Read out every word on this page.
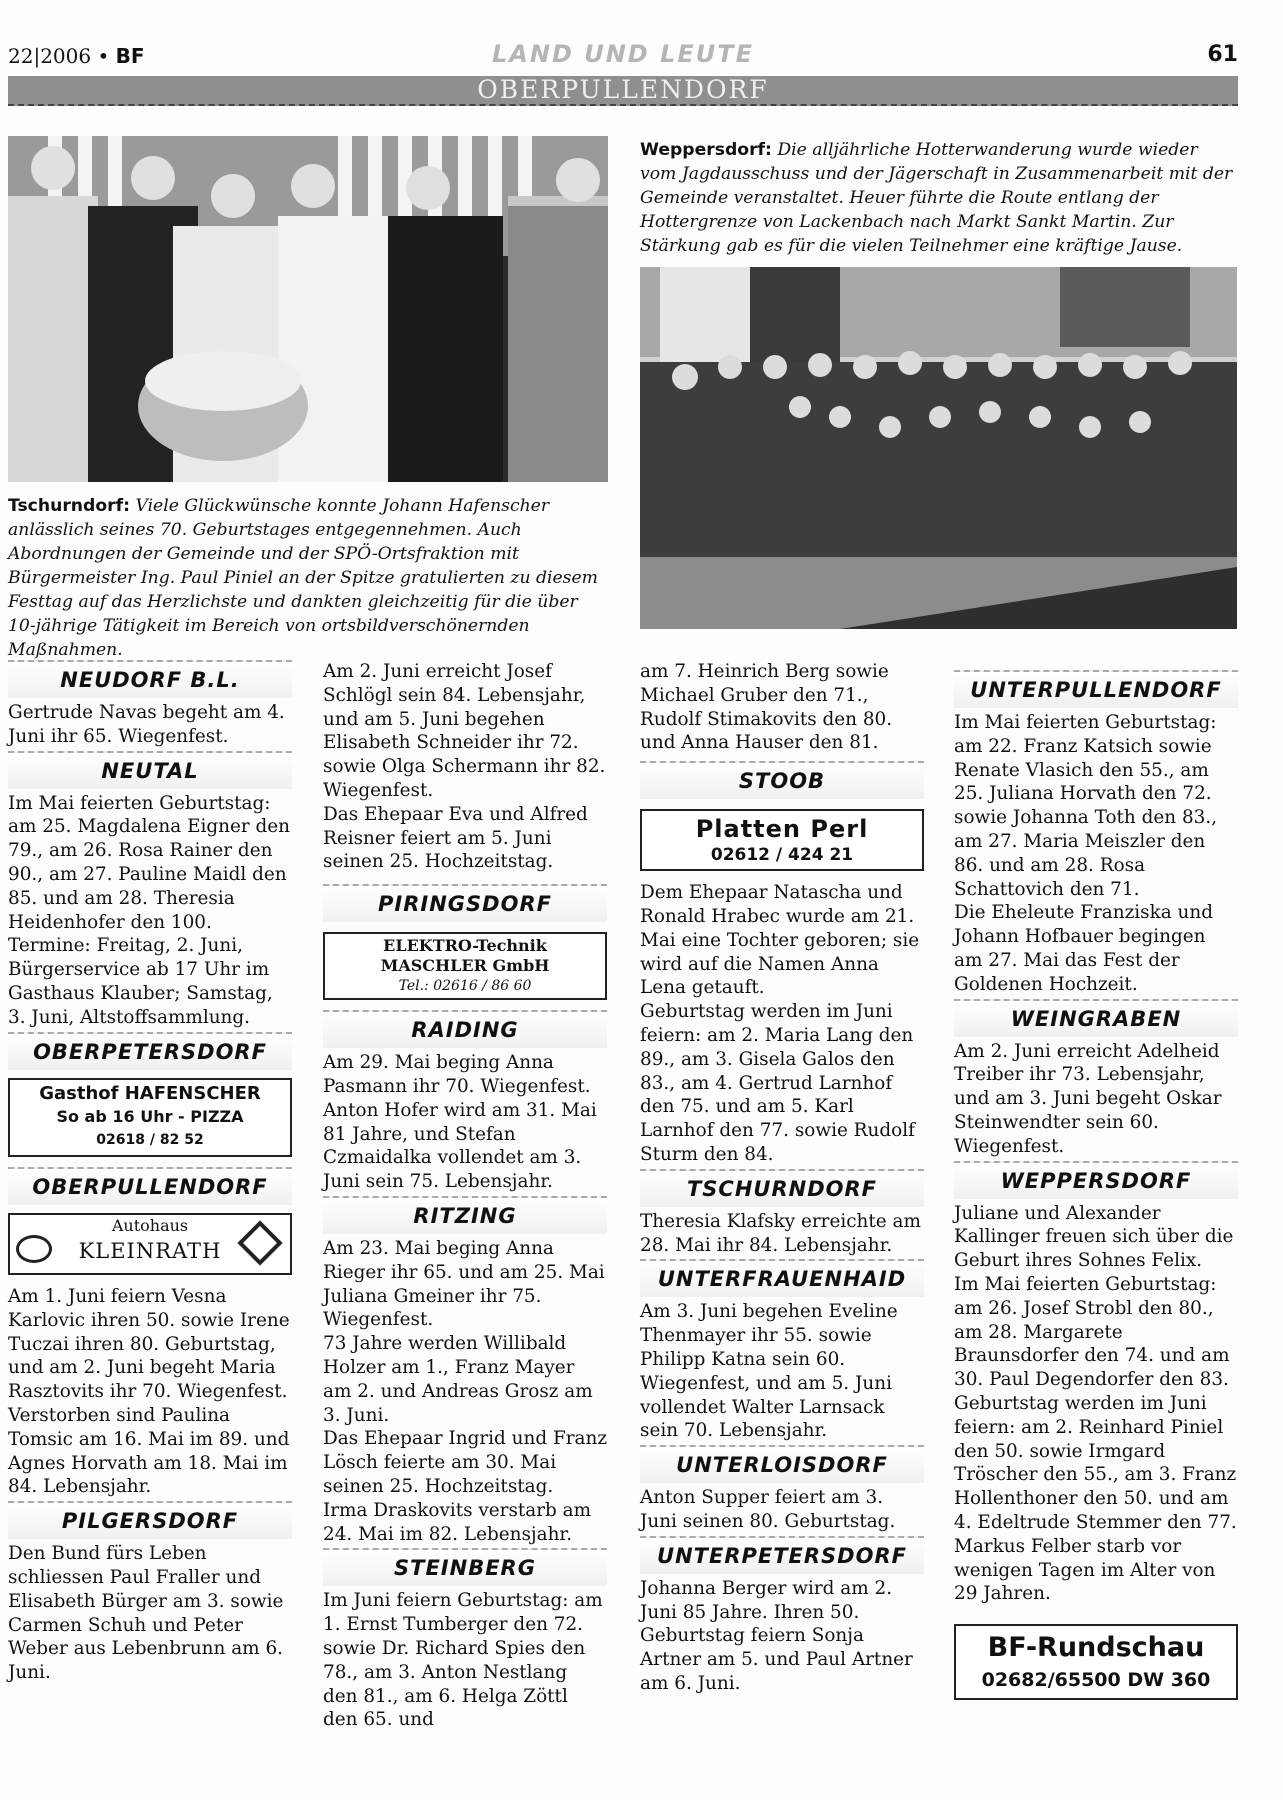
22|2006 • BF	LAND UND LEUTE	61
OBERPULLENDORF
Tschurndorf: Viele Glückwünsche konnte Johann Hafenscher anlässlich seines 70. Geburtstages entgegennehmen. Auch Abordnungen der Gemeinde und der SPÖ-Ortsfraktion mit Bürgermeister Ing. Paul Piniel an der Spitze gratulierten zu diesem Festtag auf das Herzlichste und dankten gleichzeitig für die über 10-jährige Tätigkeit im Bereich von ortsbildverschönernden Maßnahmen.
Weppersdorf: Die alljährliche Hotterwanderung wurde wieder vom Jagdausschuss und der Jägerschaft in Zusammenarbeit mit der Gemeinde veranstaltet. Heuer führte die Route entlang der Hottergrenze von Lackenbach nach Markt Sankt Martin. Zur Stärkung gab es für die vielen Teilnehmer eine kräftige Jause.
NEUDORF B.L.

Gertrude Navas begeht am 4. Juni ihr 65. Wiegenfest.

NEUTAL

Im Mai feierten Geburtstag: am 25. Magdalena Eigner den 79., am 26. Rosa Rainer den 90., am 27. Pauline Maidl den 85. und am 28. Theresia Heidenhofer den 100.

Termine: Freitag, 2. Juni, Bürgerservice ab 17 Uhr im Gasthaus Klauber; Samstag, 3. Juni, Altstoffsammlung.

OBERPETERSDORF
Gasthof HAFENSCHER
So ab 16 Uhr - PIZZA
02618 / 82 52
OBERPULLENDORF
Autohaus
KLEINRATH

Am 1. Juni feiern Vesna Karlovic ihren 50. sowie Irene Tuczai ihren 80. Geburtstag, und am 2. Juni begeht Maria Rasztovits ihr 70. Wiegenfest.

Verstorben sind Paulina Tomsic am 16. Mai im 89. und Agnes Horvath am 18. Mai im 84. Lebensjahr.

PILGERSDORF

Den Bund fürs Leben schliessen Paul Fraller und Elisabeth Bürger am 3. sowie Carmen Schuh und Peter Weber aus Lebenbrunn am 6. Juni.

Am 2. Juni erreicht Josef Schlögl sein 84. Lebensjahr, und am 5. Juni begehen Elisabeth Schneider ihr 72. sowie Olga Schermann ihr 82. Wiegenfest.

Das Ehepaar Eva und Alfred Reisner feiert am 5. Juni seinen 25. Hochzeitstag.

PIRINGSDORF
ELEKTRO-Technik
MASCHLER GmbH
Tel.: 02616 / 86 60
RAIDING

Am 29. Mai beging Anna Pasmann ihr 70. Wiegenfest. Anton Hofer wird am 31. Mai 81 Jahre, und Stefan Czmaidalka vollendet am 3. Juni sein 75. Lebensjahr.

RITZING

Am 23. Mai beging Anna Rieger ihr 65. und am 25. Mai Juliana Gmeiner ihr 75. Wiegenfest.

73 Jahre werden Willibald Holzer am 1., Franz Mayer am 2. und Andreas Grosz am 3. Juni.

Das Ehepaar Ingrid und Franz Lösch feierte am 30. Mai seinen 25. Hochzeitstag.

Irma Draskovits verstarb am 24. Mai im 82. Lebensjahr.

STEINBERG

Im Juni feiern Geburtstag: am 1. Ernst Tumberger den 72. sowie Dr. Richard Spies den 78., am 3. Anton Nestlang den 81., am 6. Helga Zöttl den 65. und

am 7. Heinrich Berg sowie Michael Gruber den 71., Rudolf Stimakovits den 80. und Anna Hauser den 81.

STOOB
Platten Perl
02612 / 424 21

Dem Ehepaar Natascha und Ronald Hrabec wurde am 21. Mai eine Tochter geboren; sie wird auf die Namen Anna Lena getauft.

Geburtstag werden im Juni feiern: am 2. Maria Lang den 89., am 3. Gisela Galos den 83., am 4. Gertrud Larnhof den 75. und am 5. Karl Larnhof den 77. sowie Rudolf Sturm den 84.

TSCHURNDORF

Theresia Klafsky erreichte am 28. Mai ihr 84. Lebensjahr.

UNTERFRAUENHAID

Am 3. Juni begehen Eveline Thenmayer ihr 55. sowie Philipp Katna sein 60. Wiegenfest, und am 5. Juni vollendet Walter Larnsack sein 70. Lebensjahr.

UNTERLOISDORF

Anton Supper feiert am 3. Juni seinen 80. Geburtstag.

UNTERPETERSDORF

Johanna Berger wird am 2. Juni 85 Jahre. Ihren 50. Geburtstag feiern Sonja Artner am 5. und Paul Artner am 6. Juni.

UNTERPULLENDORF

Im Mai feierten Geburtstag: am 22. Franz Katsich sowie Renate Vlasich den 55., am 25. Juliana Horvath den 72. sowie Johanna Toth den 83., am 27. Maria Meiszler den 86. und am 28. Rosa Schattovich den 71.

Die Eheleute Franziska und Johann Hofbauer begingen am 27. Mai das Fest der Goldenen Hochzeit.

WEINGRABEN

Am 2. Juni erreicht Adelheid Treiber ihr 73. Lebensjahr, und am 3. Juni begeht Oskar Steinwendter sein 60. Wiegenfest.

WEPPERSDORF

Juliane und Alexander Kallinger freuen sich über die Geburt ihres Sohnes Felix.

Im Mai feierten Geburtstag: am 26. Josef Strobl den 80., am 28. Margarete Braunsdorfer den 74. und am 30. Paul Degendorfer den 83.

Geburtstag werden im Juni feiern: am 2. Reinhard Piniel den 50. sowie Irmgard Tröscher den 55., am 3. Franz Hollenthoner den 50. und am 4. Edeltrude Stemmer den 77.

Markus Felber starb vor wenigen Tagen im Alter von 29 Jahren.

BF-Rundschau
02682/65500 DW 360
